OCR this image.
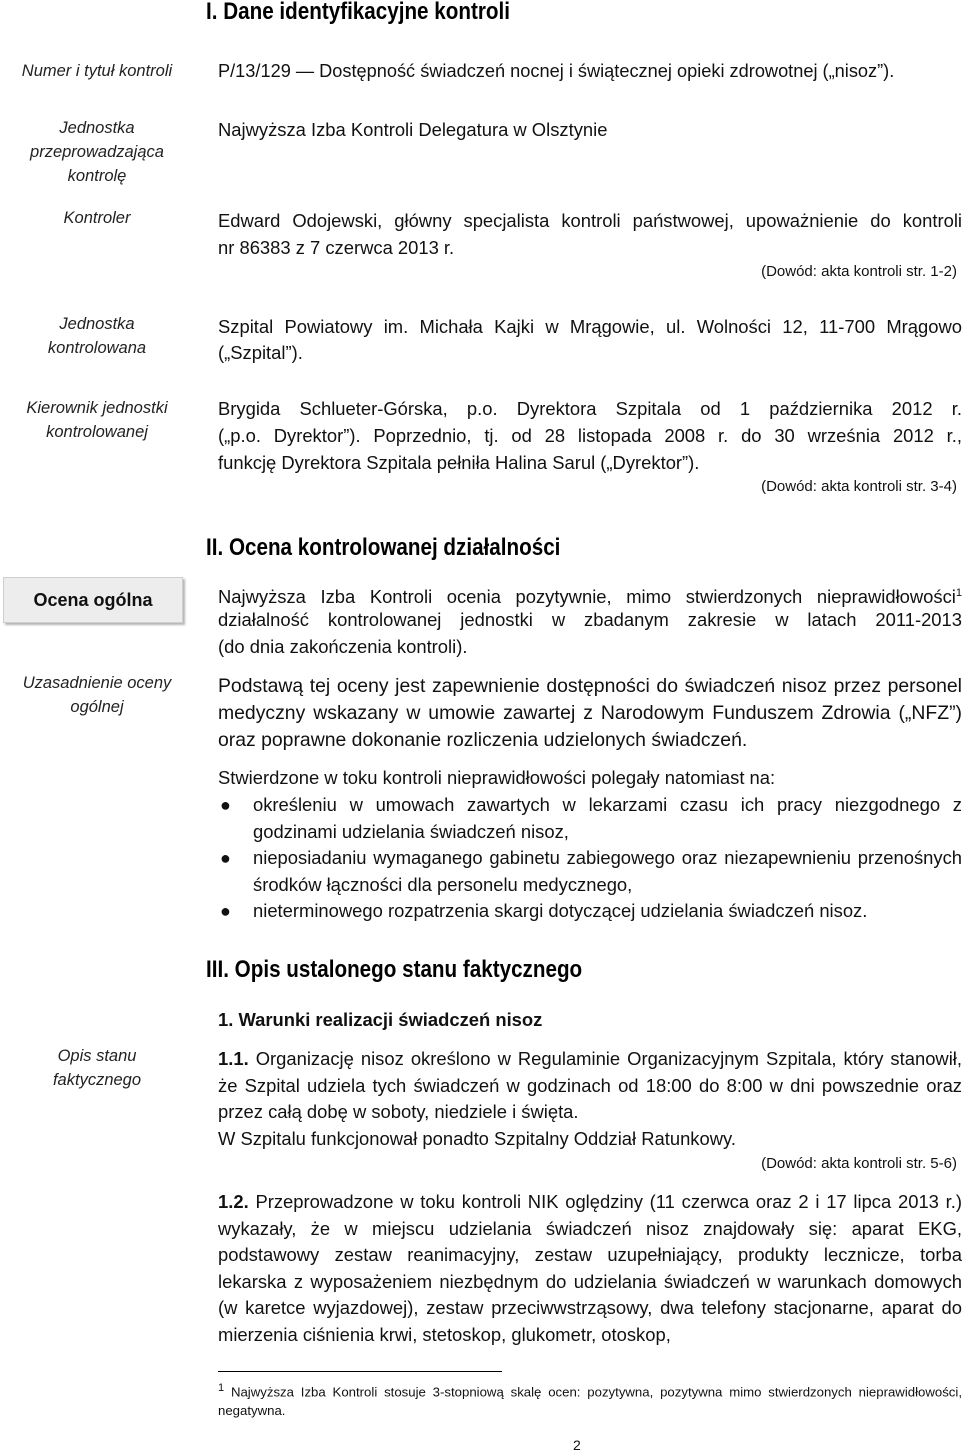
I. Dane identyfikacyjne kontroli
Numer i tytuł kontroli
Jednostka przeprowadzająca kontrolę
Kontroler
Jednostka kontrolowana
Kierownik jednostki kontrolowanej
P/13/129 — Dostępność świadczeń nocnej i świątecznej opieki zdrowotnej („nisoz”).
Najwyższa Izba Kontroli Delegatura w Olsztynie
Edward Odojewski, główny specjalista kontroli państwowej, upoważnienie do kontroli
nr 86383 z 7 czerwca 2013 r.
(Dowód: akta kontroli str. 1-2)
Szpital Powiatowy im. Michała Kajki w Mrągowie, ul. Wolności 12, 11-700 Mrągowo
(„Szpital”).
Brygida Schlueter-Górska, p.o. Dyrektora Szpitala od 1 października 2012 r.
(„p.o. Dyrektor”). Poprzednio, tj. od 28 listopada 2008 r. do 30 września 2012 r.,
funkcję Dyrektora Szpitala pełniła Halina Sarul („Dyrektor”).
(Dowód: akta kontroli str. 3-4)
II. Ocena kontrolowanej działalności
Ocena ogólna	Najwyższa Izba Kontroli ocenia pozytywnie, mimo stwierdzonych nieprawidłowości$^1$
działalność kontrolowanej jednostki w zbadanym zakresie w latach 2011-2013
(do dnia zakończenia kontroli).
Uzasadnienie oceny ogólnej
Podstawą tej oceny jest zapewnienie dostępności do świadczeń nisoz przez personel medyczny wskazany w umowie zawartej z Narodowym Funduszem Zdrowia („NFZ”) oraz poprawne dokonanie rozliczenia udzielonych świadczeń.
Stwierdzone w toku kontroli nieprawidłowości polegały natomiast na:
● określeniu w umowach zawartych w lekarzami czasu ich pracy niezgodnego z godzinami udzielania świadczeń nisoz,
● nieposiadaniu wymaganego gabinetu zabiegowego oraz niezapewnieniu przenośnych środków łączności dla personelu medycznego,
● nieterminowego rozpatrzenia skargi dotyczącej udzielania świadczeń nisoz.
III. Opis ustalonego stanu faktycznego
1. Warunki realizacji świadczeń nisoz
Opis stanu faktycznego
1.1. Organizację nisoz określono w Regulaminie Organizacyjnym Szpitala, który stanowił, że Szpital udziela tych świadczeń w godzinach od 18:00 do 8:00 w dni powszednie oraz przez całą dobę w soboty, niedziele i święta.
W Szpitalu funkcjonował ponadto Szpitalny Oddział Ratunkowy.
(Dowód: akta kontroli str. 5-6)
1.2. Przeprowadzone w toku kontroli NIK oględziny (11 czerwca oraz 2 i 17 lipca 2013 r.) wykazały, że w miejscu udzielania świadczeń nisoz znajdowały się: aparat EKG, podstawowy zestaw reanimacyjny, zestaw uzupełniający, produkty lecznicze, torba lekarska z wyposażeniem niezbędnym do udzielania świadczeń w warunkach domowych (w karetce wyjazdowej), zestaw przeciwwstrząsowy, dwa telefony stacjonarne, aparat do mierzenia ciśnienia krwi, stetoskop, glukometr, otoskop,
$^1$ Najwyższa Izba Kontroli stosuje 3-stopniową skalę ocen: pozytywna, pozytywna mimo stwierdzonych nieprawidłowości, negatywna.
2
